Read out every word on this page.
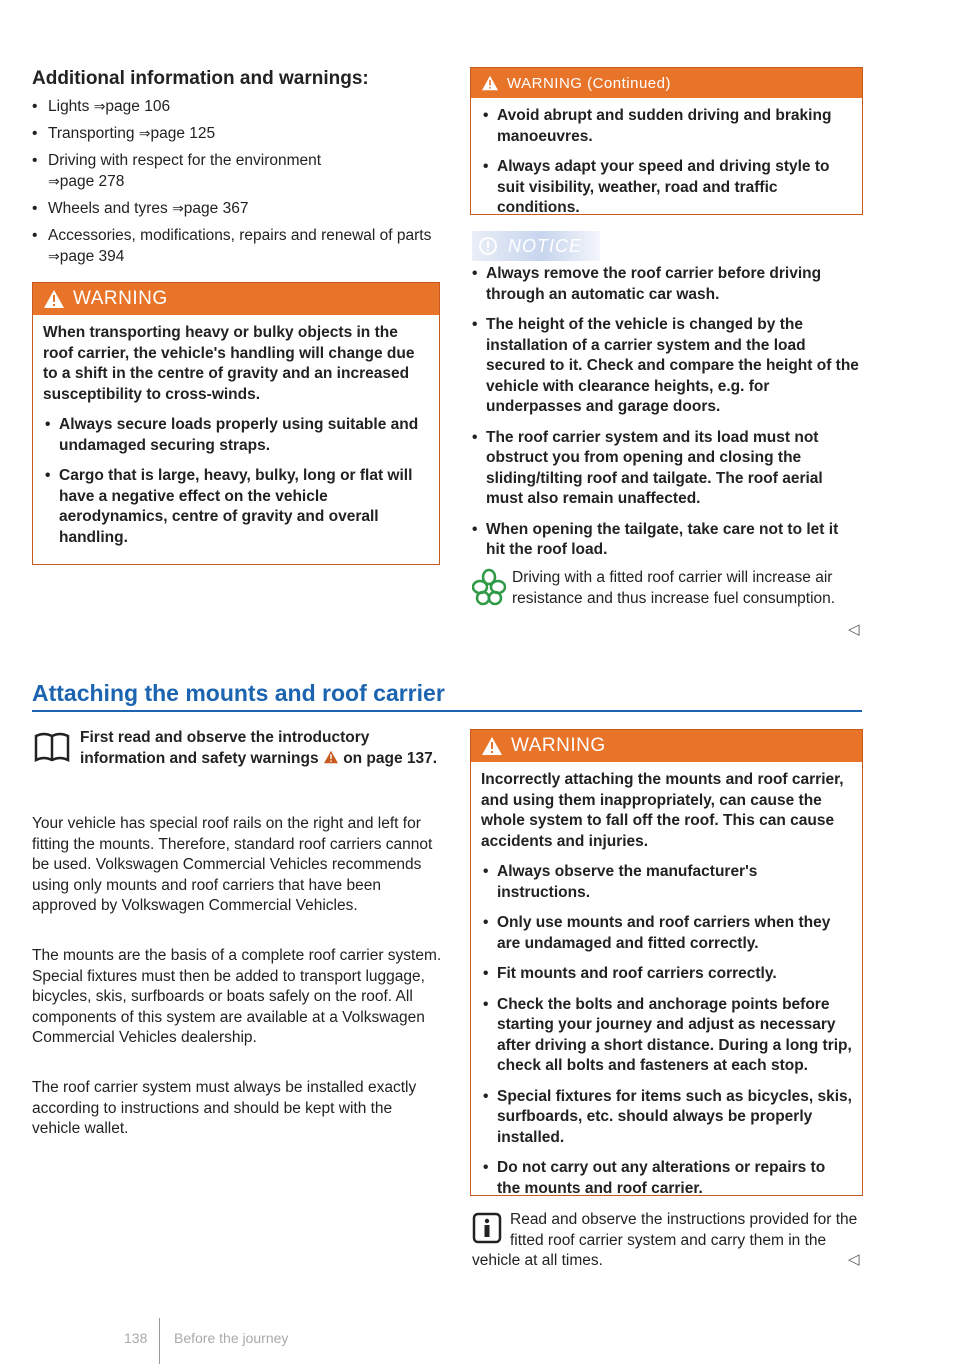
Additional information and warnings:
• Lights ⇒page 106
• Transporting ⇒page 125
• Driving with respect for the environment
⇒page 278
• Wheels and tyres ⇒page 367
• Accessories, modifications, repairs and renewal of parts ⇒page 394
WARNING

When transporting heavy or bulky objects in the roof carrier, the vehicle's handling will change due to a shift in the centre of gravity and an increased susceptibility to cross-winds.

• Always secure loads properly using suitable and undamaged securing straps.

• Cargo that is large, heavy, bulky, long or flat will have a negative effect on the vehicle aerodynamics, centre of gravity and overall handling.

WARNING (Continued)

• Avoid abrupt and sudden driving and braking manoeuvres.

• Always adapt your speed and driving style to suit visibility, weather, road and traffic conditions.

NOTICE

• Always remove the roof carrier before driving through an automatic car wash.

• The height of the vehicle is changed by the installation of a carrier system and the load secured to it. Check and compare the height of the vehicle with clearance heights, e.g. for underpasses and garage doors.

• The roof carrier system and its load must not obstruct you from opening and closing the sliding/tilting roof and tailgate. The roof aerial must also remain unaffected.

• When opening the tailgate, take care not to let it hit the roof load.

Driving with a fitted roof carrier will increase air resistance and thus increase fuel consumption.
◁
Attaching the mounts and roof carrier
First read and observe the introductory information and safety warnings on page 137.

Your vehicle has special roof rails on the right and left for fitting the mounts. Therefore, standard roof carriers cannot be used. Volkswagen Commercial Vehicles recommends using only mounts and roof carriers that have been approved by Volkswagen Commercial Vehicles.

The mounts are the basis of a complete roof carrier system. Special fixtures must then be added to transport luggage, bicycles, skis, surfboards or boats safely on the roof. All components of this system are available at a Volkswagen Commercial Vehicles dealership.

The roof carrier system must always be installed exactly according to instructions and should be kept with the vehicle wallet.

WARNING

Incorrectly attaching the mounts and roof carrier, and using them inappropriately, can cause the whole system to fall off the roof. This can cause accidents and injuries.

• Always observe the manufacturer's instructions.

• Only use mounts and roof carriers when they are undamaged and fitted correctly.

• Fit mounts and roof carriers correctly.

• Check the bolts and anchorage points before starting your journey and adjust as necessary after driving a short distance. During a long trip, check all bolts and fasteners at each stop.

• Special fixtures for items such as bicycles, skis, surfboards, etc. should always be properly installed.

• Do not carry out any alterations or repairs to the mounts and roof carrier.

Read and observe the instructions provided for the fitted roof carrier system and carry them in the vehicle at all times.	◁
138 Before the journey
